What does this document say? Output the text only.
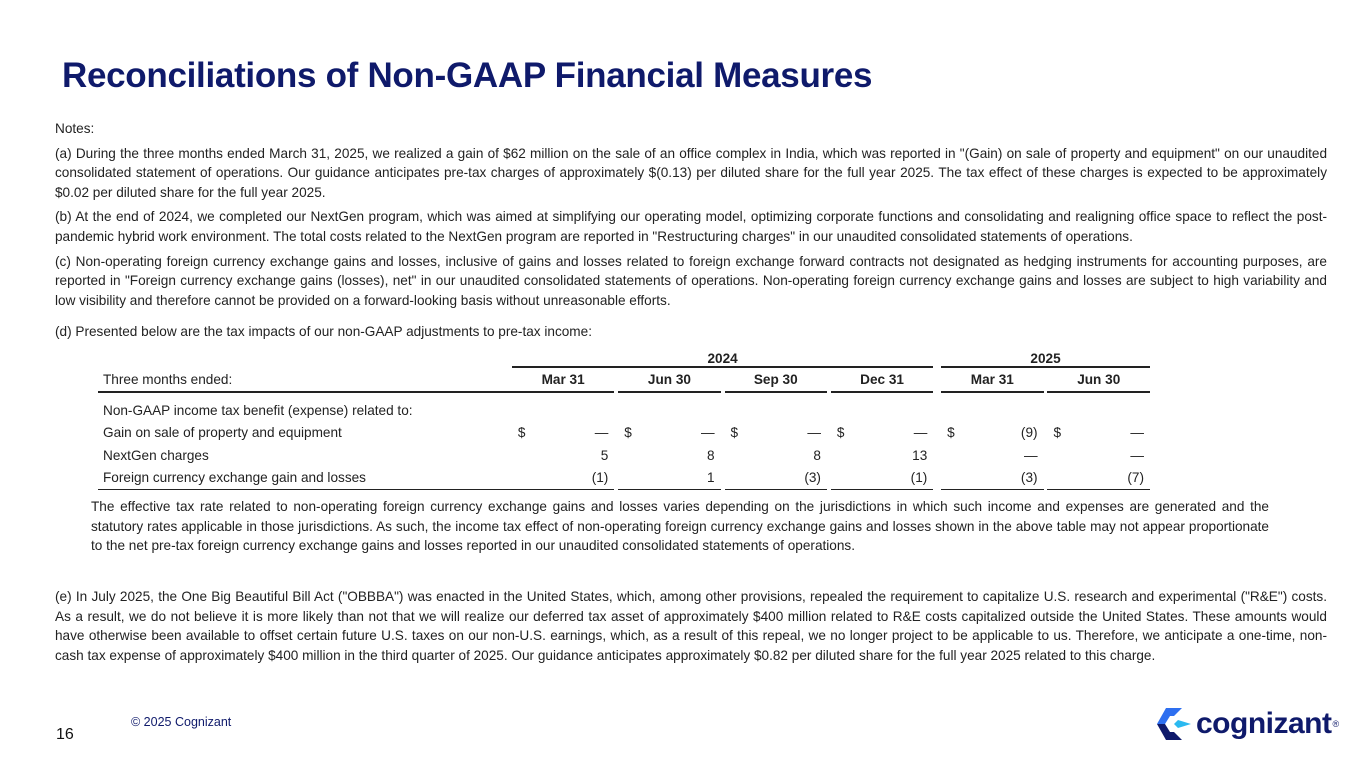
Reconciliations of Non-GAAP Financial Measures

Notes:

(a) During the three months ended March 31, 2025, we realized a gain of $62 million on the sale of an office complex in India, which was reported in "(Gain) on sale of property and equipment" on our unaudited consolidated statement of operations. Our guidance anticipates pre-tax charges of approximately $(0.13) per diluted share for the full year 2025. The tax effect of these charges is expected to be approximately $0.02 per diluted share for the full year 2025.

(b) At the end of 2024, we completed our NextGen program, which was aimed at simplifying our operating model, optimizing corporate functions and consolidating and realigning office space to reflect the post-pandemic hybrid work environment. The total costs related to the NextGen program are reported in "Restructuring charges" in our unaudited consolidated statements of operations.

(c) Non-operating foreign currency exchange gains and losses, inclusive of gains and losses related to foreign exchange forward contracts not designated as hedging instruments for accounting purposes, are reported in "Foreign currency exchange gains (losses), net" in our unaudited consolidated statements of operations. Non-operating foreign currency exchange gains and losses are subject to high variability and low visibility and therefore cannot be provided on a forward-looking basis without unreasonable efforts.

(d) Presented below are the tax impacts of our non-GAAP adjustments to pre-tax income:

	2024												2025				
Three months ended:	Mar 31			Jun 30			Sep 30			Dec 31			Mar 31			Jun 30	
Non-GAAP income tax benefit (expense) related to:																	
Gain on sale of property and equipment	$	—		$	—		$	—		$	—		$	(9)		$	—
NextGen charges		5			8			8			13			—			—
Foreign currency exchange gain and losses		(1)			1			(3)			(1)			(3)			(7)

The effective tax rate related to non-operating foreign currency exchange gains and losses varies depending on the jurisdictions in which such income and expenses are generated and the statutory rates applicable in those jurisdictions. As such, the income tax effect of non-operating foreign currency exchange gains and losses shown in the above table may not appear proportionate to the net pre-tax foreign currency exchange gains and losses reported in our unaudited consolidated statements of operations.

(e) In July 2025, the One Big Beautiful Bill Act ("OBBBA") was enacted in the United States, which, among other provisions, repealed the requirement to capitalize U.S. research and experimental ("R&E") costs. As a result, we do not believe it is more likely than not that we will realize our deferred tax asset of approximately $400 million related to R&E costs capitalized outside the United States. These amounts would have otherwise been available to offset certain future U.S. taxes on our non-U.S. earnings, which, as a result of this repeal, we no longer project to be applicable to us. Therefore, we anticipate a one-time, non-cash tax expense of approximately $400 million in the third quarter of 2025. Our guidance anticipates approximately $0.82 per diluted share for the full year 2025 related to this charge.

16
© 2025 Cognizant	cognizant ®
